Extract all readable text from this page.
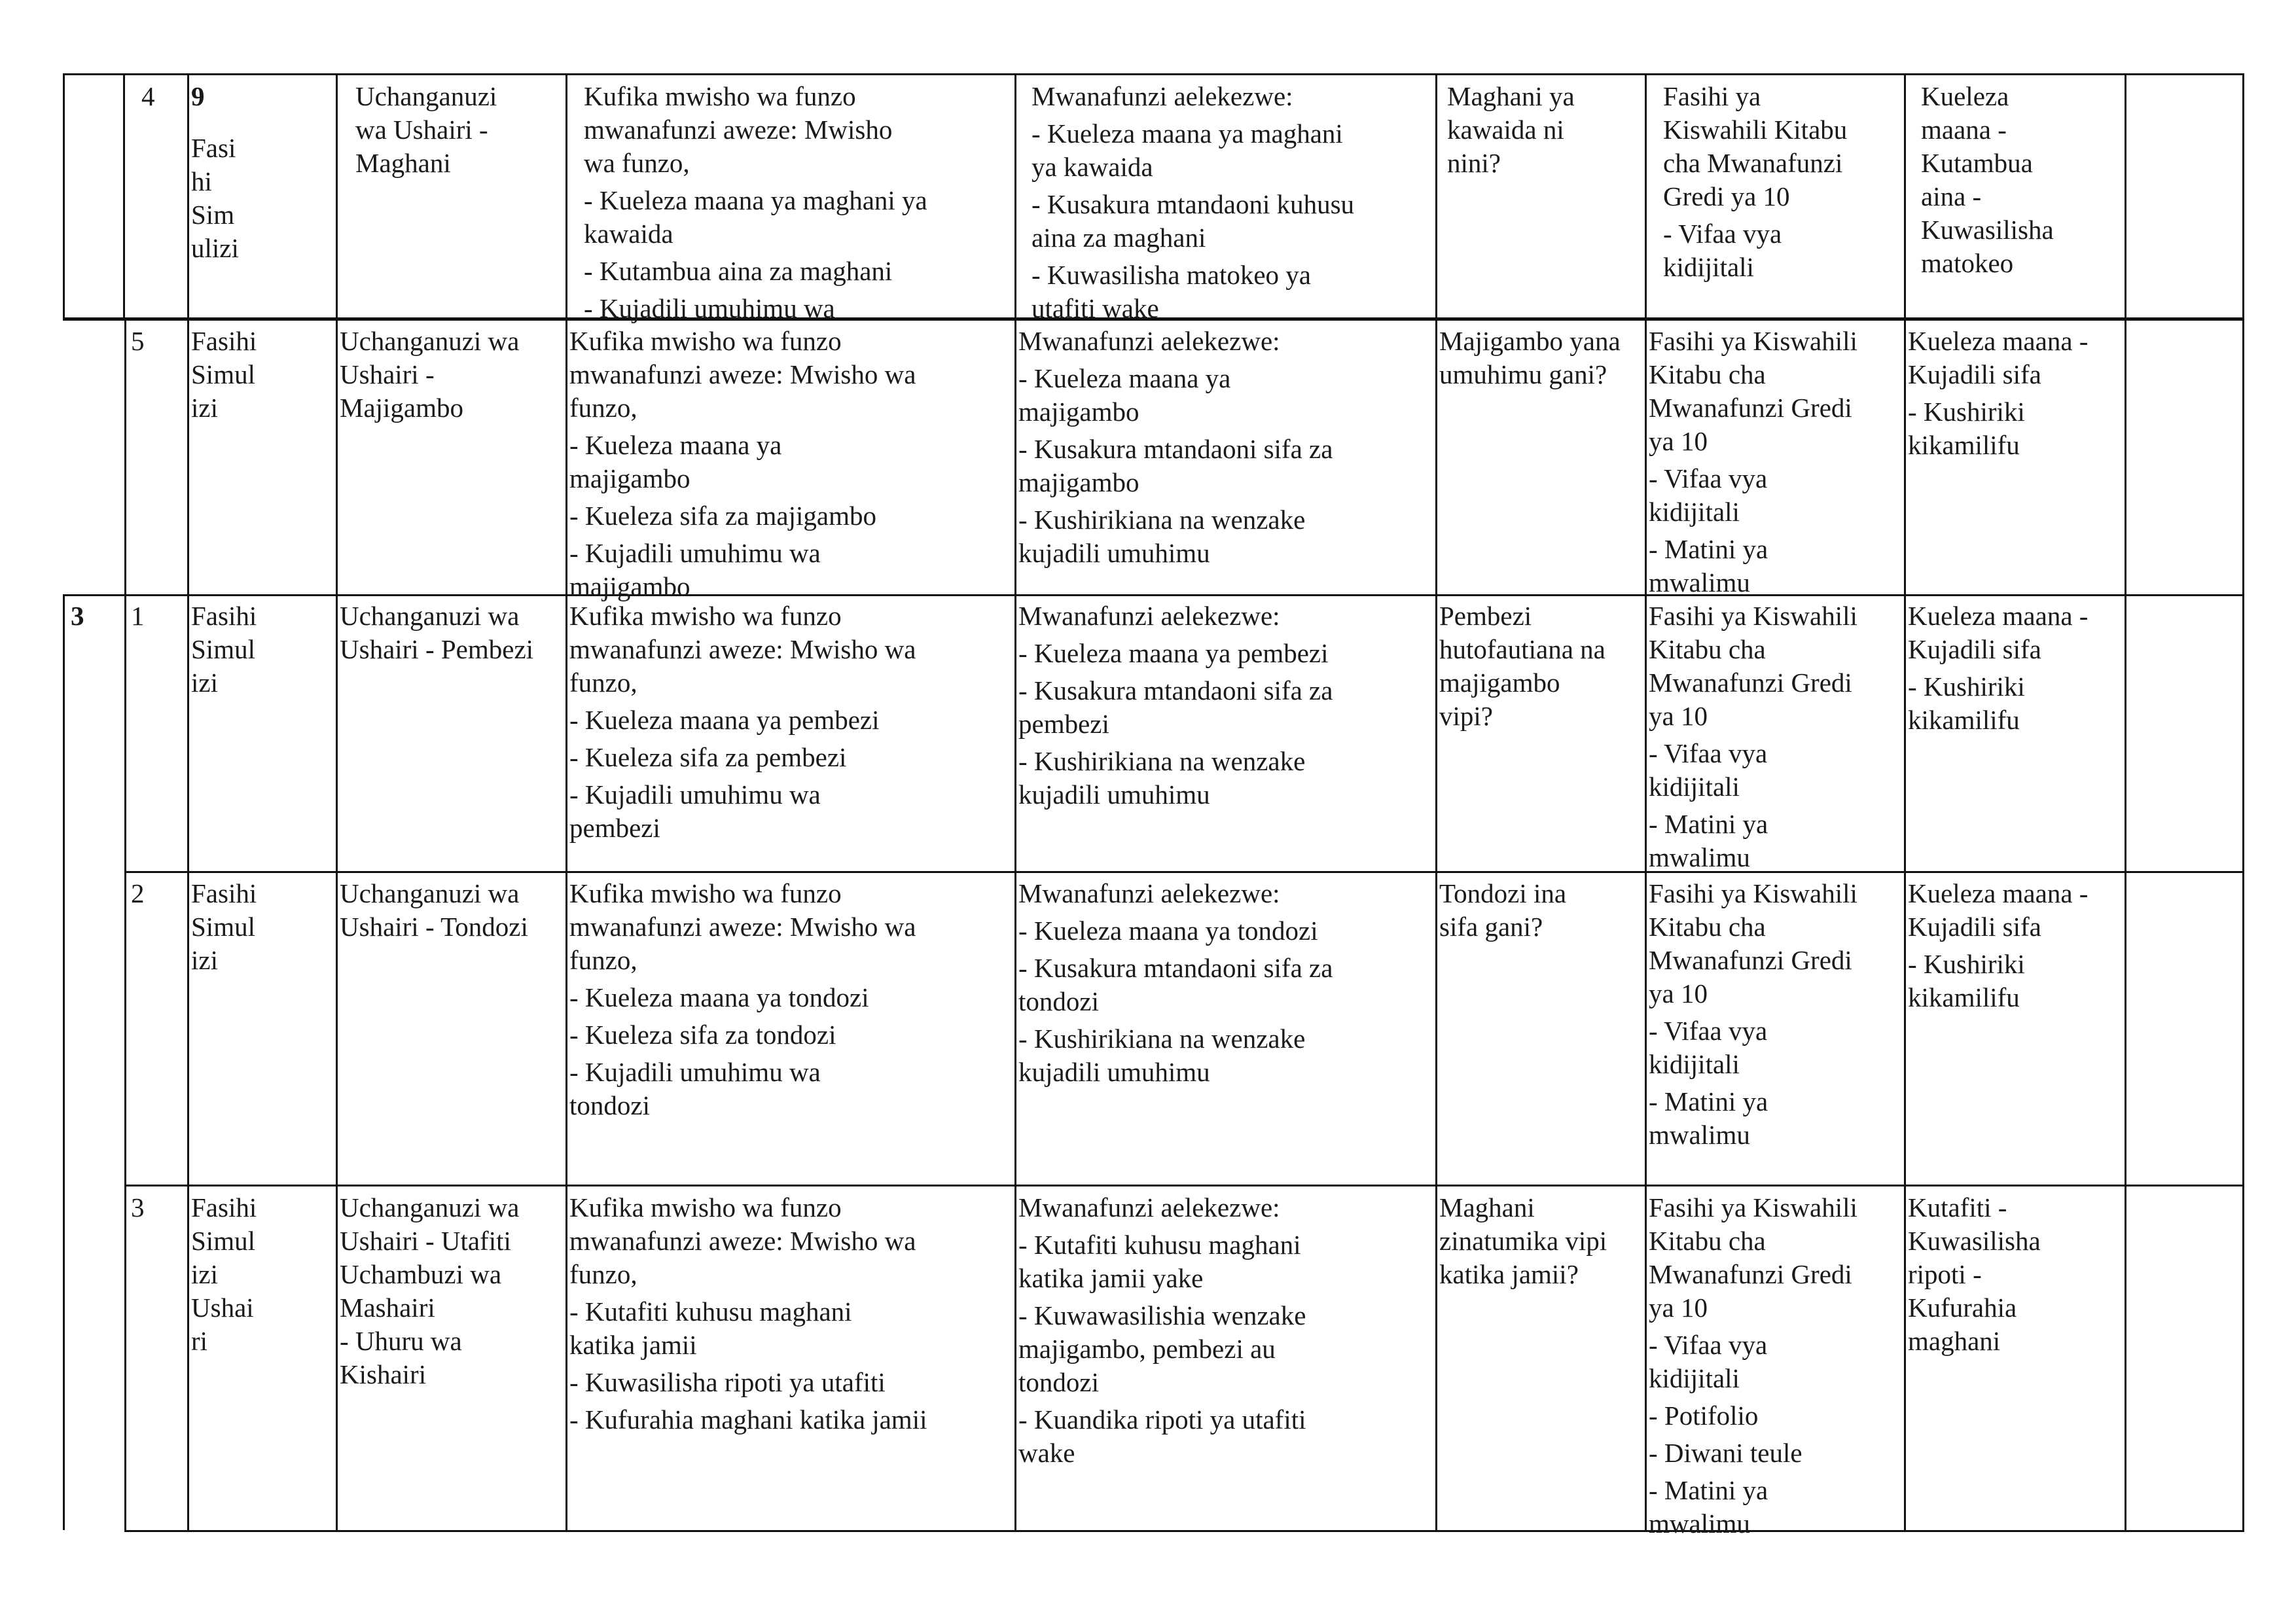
4 9
Fasi
hi
Sim
ulizi
Uchanganuzi
wa Ushairi -
Maghani
Kufika mwisho wa funzo
mwanafunzi aweze: Mwisho
wa funzo,
- Kueleza maana ya maghani ya
kawaida
- Kutambua aina za maghani
- Kujadili umuhimu wa
Mwanafunzi aelekezwe:
- Kueleza maana ya maghani
ya kawaida
- Kusakura mtandaoni kuhusu
aina za maghani
- Kuwasilisha matokeo ya
utafiti wake
Maghani ya
kawaida ni
nini?
Fasihi ya
Kiswahili Kitabu
cha Mwanafunzi
Gredi ya 10
- Vifaa vya
kidijitali
Kueleza
maana -
Kutambua
aina -
Kuwasilisha
matokeo
5 Fasihi
Simul
izi
Uchanganuzi wa
Ushairi -
Majigambo
Kufika mwisho wa funzo
mwanafunzi aweze: Mwisho wa
funzo,
- Kueleza maana ya
majigambo
- Kueleza sifa za majigambo
- Kujadili umuhimu wa
majigambo
Mwanafunzi aelekezwe:
- Kueleza maana ya
majigambo
- Kusakura mtandaoni sifa za
majigambo
- Kushirikiana na wenzake
kujadili umuhimu
Majigambo yana
umuhimu gani?
Fasihi ya Kiswahili
Kitabu cha
Mwanafunzi Gredi
ya 10
- Vifaa vya
kidijitali
- Matini ya
mwalimu
Kueleza maana -
Kujadili sifa
- Kushiriki
kikamilifu
3 1 Fasihi
Simul
izi
Uchanganuzi wa
Ushairi - Pembezi
Kufika mwisho wa funzo
mwanafunzi aweze: Mwisho wa
funzo,
- Kueleza maana ya pembezi
- Kueleza sifa za pembezi
- Kujadili umuhimu wa
pembezi
Mwanafunzi aelekezwe:
- Kueleza maana ya pembezi
- Kusakura mtandaoni sifa za
pembezi
- Kushirikiana na wenzake
kujadili umuhimu
Pembezi
hutofautiana na
majigambo
vipi?
Fasihi ya Kiswahili
Kitabu cha
Mwanafunzi Gredi
ya 10
- Vifaa vya
kidijitali
- Matini ya
mwalimu
Kueleza maana -
Kujadili sifa
- Kushiriki
kikamilifu
2 Fasihi
Simul
izi
Uchanganuzi wa
Ushairi - Tondozi
Kufika mwisho wa funzo
mwanafunzi aweze: Mwisho wa
funzo,
- Kueleza maana ya tondozi
- Kueleza sifa za tondozi
- Kujadili umuhimu wa
tondozi
Mwanafunzi aelekezwe:
- Kueleza maana ya tondozi
- Kusakura mtandaoni sifa za
tondozi
- Kushirikiana na wenzake
kujadili umuhimu
Tondozi ina
sifa gani?
Fasihi ya Kiswahili
Kitabu cha
Mwanafunzi Gredi
ya 10
- Vifaa vya
kidijitali
- Matini ya
mwalimu
Kueleza maana -
Kujadili sifa
- Kushiriki
kikamilifu
3 Fasihi
Simul
izi
Ushai
ri
Uchanganuzi wa
Ushairi - Utafiti
Uchambuzi wa
Mashairi
- Uhuru wa
Kishairi
Kufika mwisho wa funzo
mwanafunzi aweze: Mwisho wa
funzo,
- Kutafiti kuhusu maghani
katika jamii
- Kuwasilisha ripoti ya utafiti
- Kufurahia maghani katika jamii
Mwanafunzi aelekezwe:
- Kutafiti kuhusu maghani
katika jamii yake
- Kuwawasilishia wenzake
majigambo, pembezi au
tondozi
- Kuandika ripoti ya utafiti
wake
Maghani
zinatumika vipi
katika jamii?
Fasihi ya Kiswahili
Kitabu cha
Mwanafunzi Gredi
ya 10
- Vifaa vya
kidijitali
- Potifolio
- Diwani teule
- Matini ya
mwalimu
Kutafiti -
Kuwasilisha
ripoti -
Kufurahia
maghani
